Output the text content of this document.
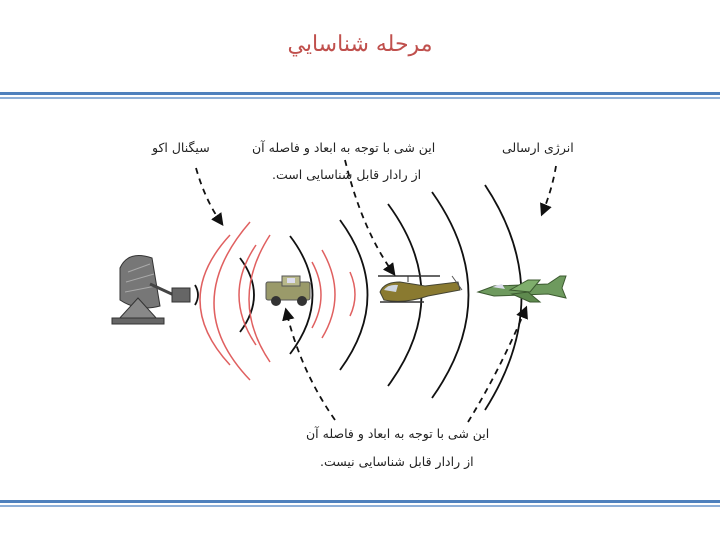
مرحله شناسايي
سیگنال اکو	این شی با توجه به ابعاد و فاصله آن
از رادار قابل شناسایی است.
انرژی ارسالی
این شی با توجه به ابعاد و فاصله آن
از رادار قابل شناسایی نیست.
